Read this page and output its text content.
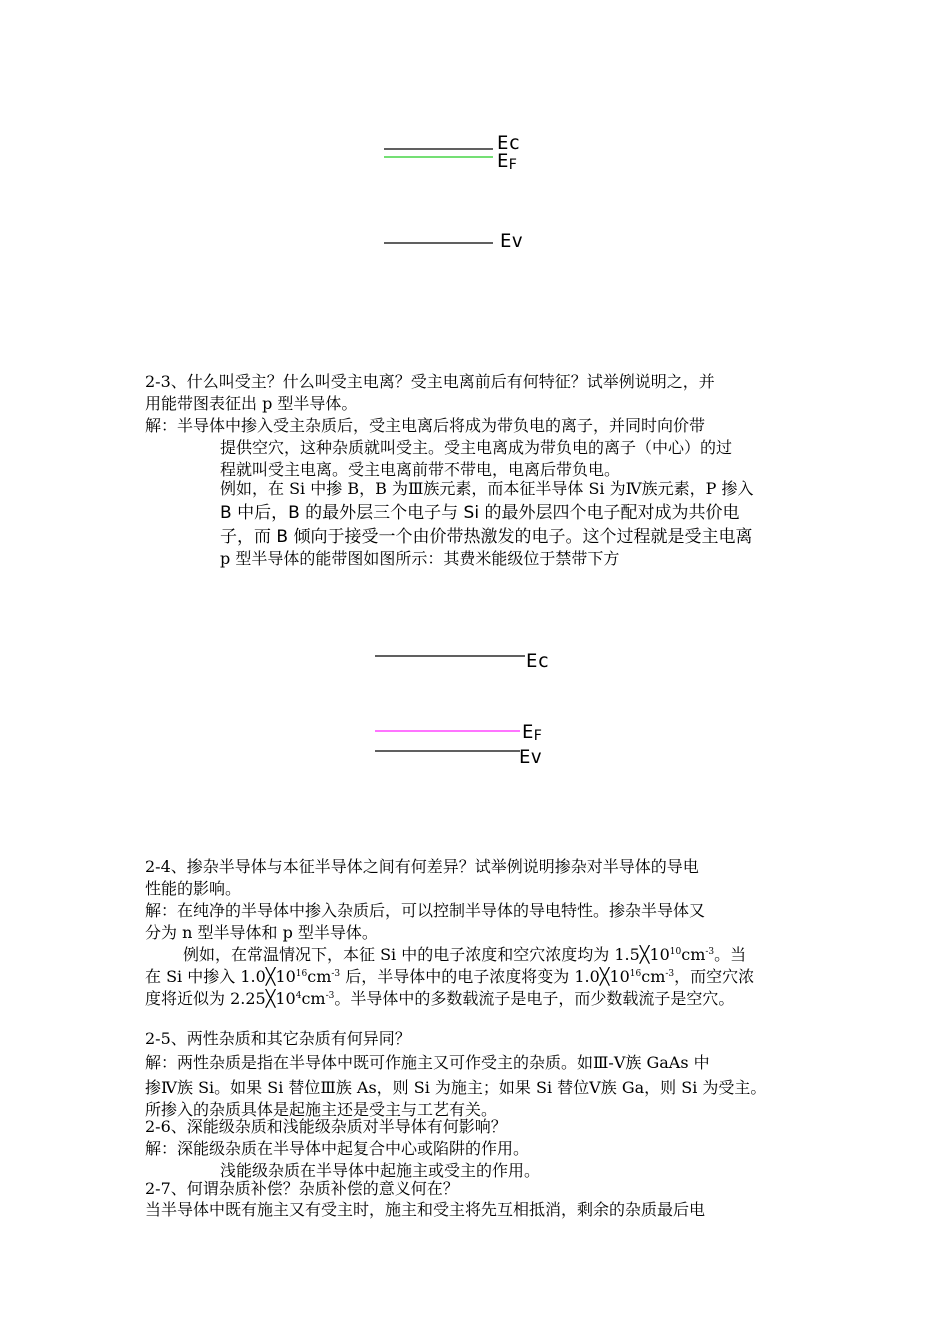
Ec
EF
Ev
2-3、什么叫受主？什么叫受主电离？受主电离前后有何特征？试举例说明之，并
用能带图表征出 p 型半导体。
解：半导体中掺入受主杂质后，受主电离后将成为带负电的离子，并同时向价带
提供空穴，这种杂质就叫受主。受主电离成为带负电的离子（中心）的过
程就叫受主电离。受主电离前带不带电，电离后带负电。
例如，在 Si 中掺 B，B 为Ⅲ族元素，而本征半导体 Si 为Ⅳ族元素，P 掺入
B 中后，B 的最外层三个电子与 Si 的最外层四个电子配对成为共价电
子，而 B 倾向于接受一个由价带热激发的电子。这个过程就是受主电离
p 型半导体的能带图如图所示：其费米能级位于禁带下方
Ec
EF
Ev
2-4、掺杂半导体与本征半导体之间有何差异？试举例说明掺杂对半导体的导电
性能的影响。
解：在纯净的半导体中掺入杂质后，可以控制半导体的导电特性。掺杂半导体又
分为 n 型半导体和 p 型半导体。
例如，在常温情况下，本征 Si 中的电子浓度和空穴浓度均为 $1.5╳10^{10}cm^{-3}$。当
在 Si 中掺入 $1.0╳10^{16}cm^{-3}$ 后，半导体中的电子浓度将变为 $1.0╳10^{16}cm^{-3}$，而空穴浓
度将近似为 $2.25╳10^4cm^{-3}$。半导体中的多数载流子是电子，而少数载流子是空穴。
2-5、两性杂质和其它杂质有何异同？
解：两性杂质是指在半导体中既可作施主又可作受主的杂质。如Ⅲ-Ⅴ族 GaAs 中
掺Ⅳ族 Si。如果 Si 替位Ⅲ族 As，则 Si 为施主；如果 Si 替位Ⅴ族 Ga，则 Si 为受主。
所掺入的杂质具体是起施主还是受主与工艺有关。
2-6、深能级杂质和浅能级杂质对半导体有何影响？
解：深能级杂质在半导体中起复合中心或陷阱的作用。
浅能级杂质在半导体中起施主或受主的作用。
2-7、何谓杂质补偿？杂质补偿的意义何在？
当半导体中既有施主又有受主时，施主和受主将先互相抵消，剩余的杂质最后电
